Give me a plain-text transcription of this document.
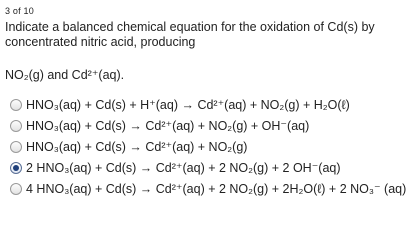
3 of 10
Indicate a balanced chemical equation for the oxidation of Cd(s) by concentrated nitric acid, producing
NO₂(g) and Cd²⁺(aq).
HNO₃(aq) + Cd(s) + H⁺(aq) → Cd²⁺(aq) + NO₂(g) + H₂O(ℓ)
HNO₃(aq) + Cd(s) → Cd²⁺(aq) + NO₂(g) + OH⁻(aq)
HNO₃(aq) + Cd(s) → Cd²⁺(aq) + NO₂(g)
2 HNO₃(aq) + Cd(s) → Cd²⁺(aq) + 2 NO₂(g) + 2 OH⁻(aq)
4 HNO₃(aq) + Cd(s) → Cd²⁺(aq) + 2 NO₂(g) + 2H₂O(ℓ) + 2 NO₃⁻ (aq)
